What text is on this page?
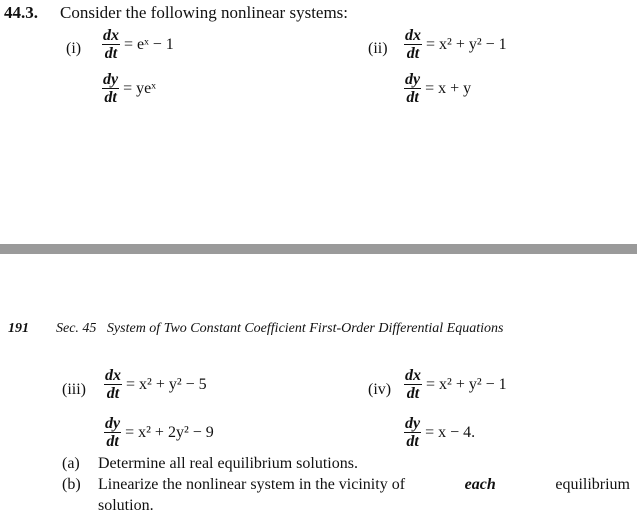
44.3. Consider the following nonlinear systems:
$(i) \frac{dx}{dt}$ = eˣ − 1
$\frac{dy}{dt}$ = yeˣ
$(ii) \frac{dx}{dt} = x^2 + y^2 - 1$
$\frac{dy}{dt} = x + y$
191 Sec. 45   System of Two Constant Coefficient First-Order Differential Equations
$(iii) \frac{dx}{dt} = x^2 + y^2 - 5$
$\frac{dy}{dt} = x^2 + 2y^2 - 9$
$(iv) \frac{dx}{dt} = x^2 + y^2 - 1$
$\frac{dy}{dt} = x - 4$.
(a) Determine all real equilibrium solutions.
(b) Linearize the nonlinear system in the vicinity of	each	equilibrium
solution.
